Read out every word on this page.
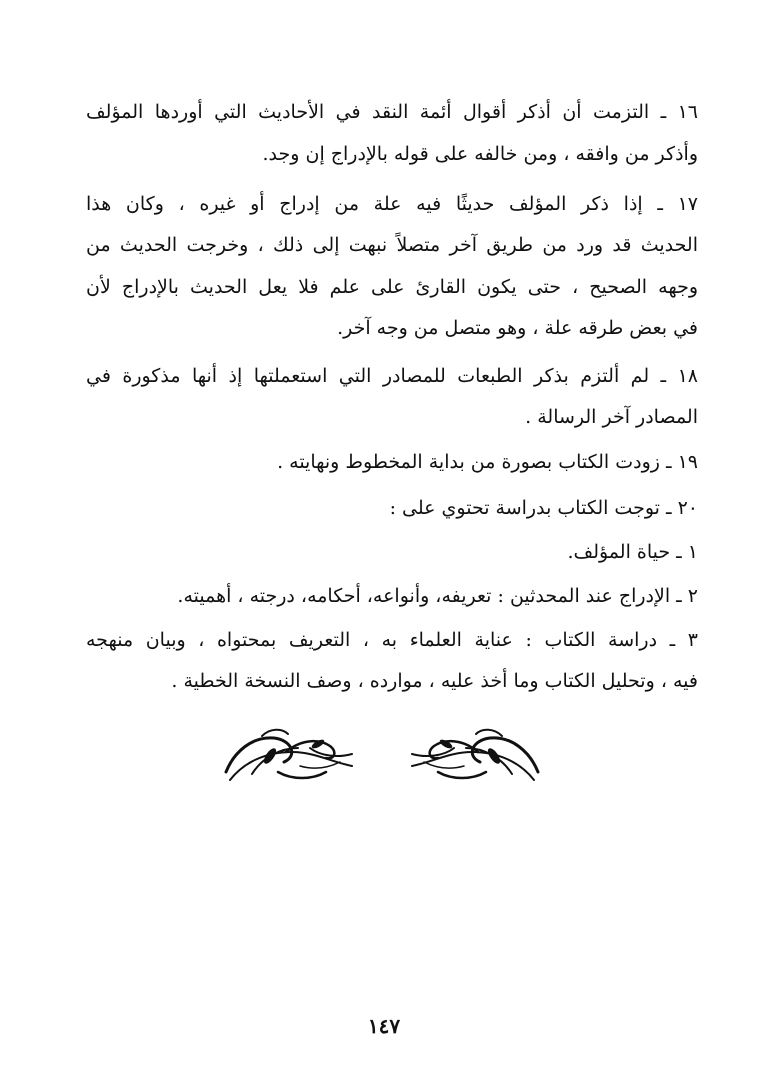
١٦ ـ التزمت أن أذكر أقوال أئمة النقد في الأحاديث التي أوردها المؤلف
وأذكر من وافقه ، ومن خالفه على قوله بالإدراج إن وجد.
١٧ ـ إذا ذكر المؤلف حديثًا فيه علة من إدراج أو غيره ، وكان هذا
الحديث قد ورد من طريق آخر متصلاً نبهت إلى ذلك ، وخرجت الحديث من
وجهه الصحيح ، حتى يكون القارئ على علم فلا يعل الحديث بالإدراج لأن
في بعض طرقه علة ، وهو متصل من وجه آخر.
١٨ ـ لم ألتزم بذكر الطبعات للمصادر التي استعملتها إذ أنها مذكورة في
المصادر آخر الرسالة .
١٩ ـ زودت الكتاب بصورة من بداية المخطوط ونهايته .
٢٠ ـ توجت الكتاب بدراسة تحتوي على :
١ ـ حياة المؤلف.
٢ ـ الإدراج عند المحدثين : تعريفه، وأنواعه، أحكامه، درجته ، أهميته.
٣ ـ دراسة الكتاب : عناية العلماء به ، التعريف بمحتواه ، وبيان منهجه
فيه ، وتحليل الكتاب وما أخذ عليه ، موارده ، وصف النسخة الخطية .
١٤٧
